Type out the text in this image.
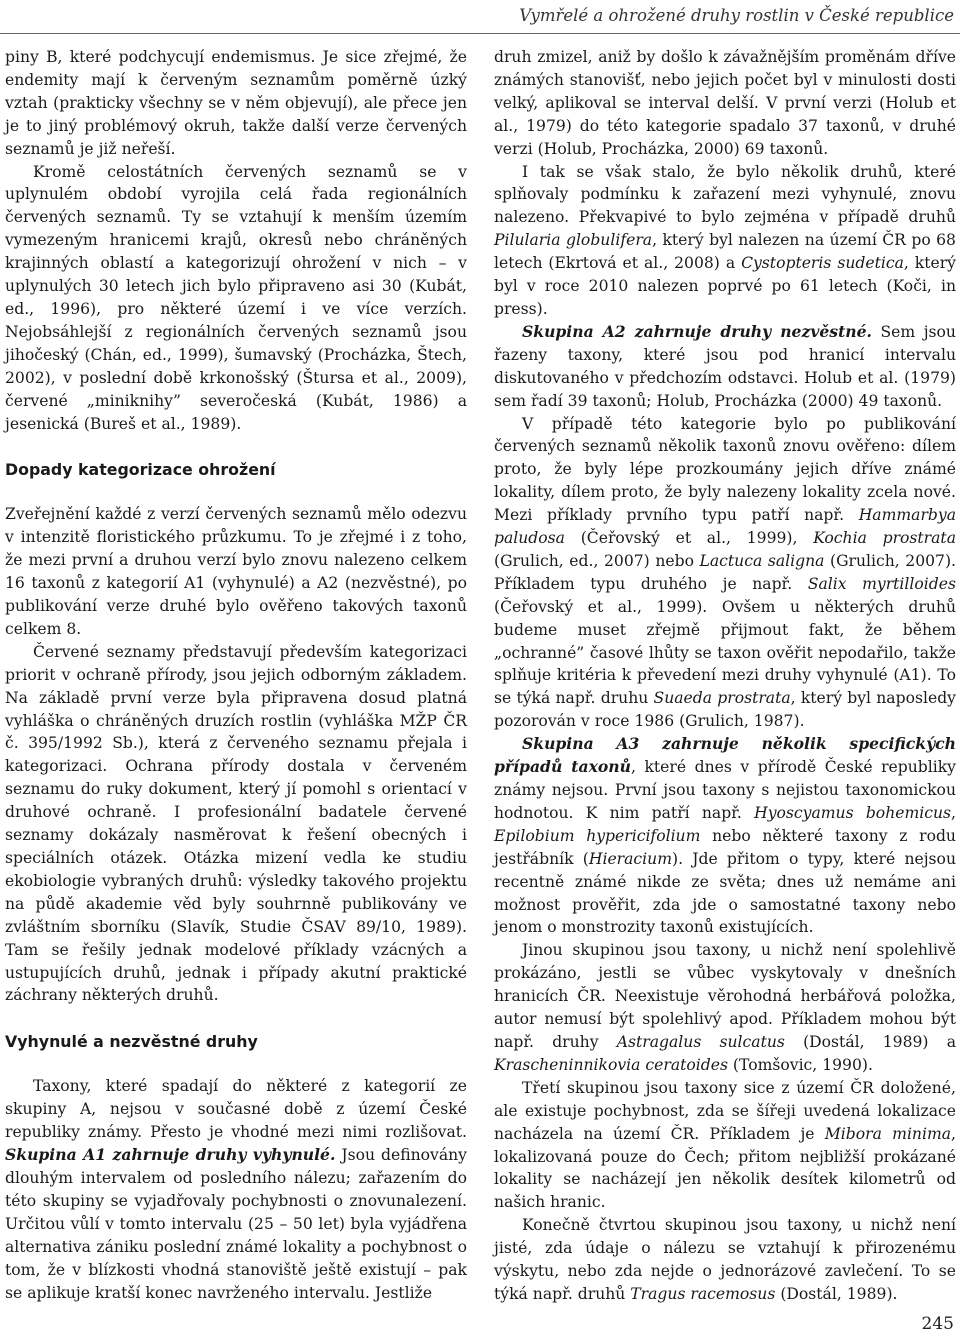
Vymřelé a ohrožené druhy rostlin v České republice

piny B, které podchycují endemismus. Je sice zřejmé, že endemity mají k červeným seznamům poměrně úzký vztah (prakticky všechny se v něm objevují), ale přece jen je to jiný problémový okruh, takže další verze červených seznamů je již neřeší.

Kromě celostátních červených seznamů se v uplynulém období vyrojila celá řada regionálních červených seznamů. Ty se vztahují k menším územím vymezeným hranicemi krajů, okresů nebo chráněných krajinných oblastí a kategorizují ohrožení v nich – v uplynulých 30 letech jich bylo připraveno asi 30 (Kubát, ed., 1996), pro některé území i ve více verzích. Nejobsáhlejší z regionálních červených seznamů jsou jihočeský (Chán, ed., 1999), šumavský (Procházka, Štech, 2002), v poslední době krkonošský (Štursa et al., 2009), červené „miniknihy” severočeská (Kubát, 1986) a jesenická (Bureš et al., 1989).

Dopady kategorizace ohrožení

Zveřejnění každé z verzí červených seznamů mělo odezvu v intenzitě floristického průzkumu. To je zřejmé i z toho, že mezi první a druhou verzí bylo znovu nalezeno celkem 16 taxonů z kategorií A1 (vyhynulé) a A2 (nezvěstné), po publikování verze druhé bylo ověřeno takových taxonů celkem 8.

Červené seznamy představují především kategorizaci priorit v ochraně přírody, jsou jejich odborným základem. Na základě první verze byla připravena dosud platná vyhláška o chráněných druzích rostlin (vyhláška MŽP ČR č. 395/1992 Sb.), která z červeného seznamu přejala i kategorizaci. Ochrana přírody dostala v červeném seznamu do ruky dokument, který jí pomohl s orientací v druhové ochraně. I profesionální badatele červené seznamy dokázaly nasměrovat k řešení obecných i speciálních otázek. Otázka mizení vedla ke studiu ekobiologie vybraných druhů: výsledky takového projektu na půdě akademie věd byly souhrnně publikovány ve zvláštním sborníku (Slavík, Studie ČSAV 89/10, 1989). Tam se řešily jednak modelové příklady vzácných a ustupujících druhů, jednak i případy akutní praktické záchrany některých druhů.

Vyhynulé a nezvěstné druhy

Taxony, které spadají do některé z kategorií ze skupiny A, nejsou v současné době z území České republiky známy. Přesto je vhodné mezi nimi rozlišovat. Skupina A1 zahrnuje druhy vyhynulé. Jsou definovány dlouhým intervalem od posledního nálezu; zařazením do této skupiny se vyjadřovaly pochybnosti o znovunalezení. Určitou vůlí v tomto intervalu (25 – 50 let) byla vyjádřena alternativa zániku poslední známé lokality a pochybnost o tom, že v blízkosti vhodná stanoviště ještě existují – pak se aplikuje kratší konec navrženého intervalu. Jestliže

druh zmizel, aniž by došlo k závažnějším proměnám dříve známých stanovišť, nebo jejich počet byl v minulosti dosti velký, aplikoval se interval delší. V první verzi (Holub et al., 1979) do této kategorie spadalo 37 taxonů, v druhé verzi (Holub, Procházka, 2000) 69 taxonů.

I tak se však stalo, že bylo několik druhů, které splňovaly podmínku k zařazení mezi vyhynulé, znovu nalezeno. Překvapivé to bylo zejména v případě druhů Pilularia globulifera, který byl nalezen na území ČR po 68 letech (Ekrtová et al., 2008) a Cystopteris sudetica, který byl v roce 2010 nalezen poprvé po 61 letech (Koči, in press).

Skupina A2 zahrnuje druhy nezvěstné. Sem jsou řazeny taxony, které jsou pod hranicí intervalu diskutovaného v předchozím odstavci. Holub et al. (1979) sem řadí 39 taxonů; Holub, Procházka (2000) 49 taxonů.

V případě této kategorie bylo po publikování červených seznamů několik taxonů znovu ověřeno: dílem proto, že byly lépe prozkoumány jejich dříve známé lokality, dílem proto, že byly nalezeny lokality zcela nové. Mezi příklady prvního typu patří např. Hammarbya paludosa (Čeřovský et al., 1999), Kochia prostrata (Grulich, ed., 2007) nebo Lactuca saligna (Grulich, 2007). Příkladem typu druhého je např. Salix myrtilloides (Čeřovský et al., 1999). Ovšem u některých druhů budeme muset zřejmě přijmout fakt, že během „ochranné” časové lhůty se taxon ověřit nepodařilo, takže splňuje kritéria k převedení mezi druhy vyhynulé (A1). To se týká např. druhu Suaeda prostrata, který byl naposledy pozorován v roce 1986 (Grulich, 1987).

Skupina A3 zahrnuje několik specifických případů taxonů, které dnes v přírodě České republiky známy nejsou. První jsou taxony s nejistou taxonomickou hodnotou. K nim patří např. Hyoscyamus bohemicus, Epilobium hypericifolium nebo některé taxony z rodu jestřábník (Hieracium). Jde přitom o typy, které nejsou recentně známé nikde ze světa; dnes už nemáme ani možnost prověřit, zda jde o samostatné taxony nebo jenom o monstrozity taxonů existujících.

Jinou skupinou jsou taxony, u nichž není spolehlivě prokázáno, jestli se vůbec vyskytovaly v dnešních hranicích ČR. Neexistuje věrohodná herbářová položka, autor nemusí být spolehlivý apod. Příkladem mohou být např. druhy Astragalus sulcatus (Dostál, 1989) a Krascheninnikovia ceratoides (Tomšovic, 1990).

Třetí skupinou jsou taxony sice z území ČR doložené, ale existuje pochybnost, zda se šířeji uvedená lokalizace nacházela na území ČR. Příkladem je Mibora minima, lokalizovaná pouze do Čech; přitom nejbližší prokázané lokality se nacházejí jen několik desítek kilometrů od našich hranic.

Konečně čtvrtou skupinou jsou taxony, u nichž není jisté, zda údaje o nálezu se vztahují k přirozenému výskytu, nebo zda nejde o jednorázové zavlečení. To se týká např. druhů Tragus racemosus (Dostál, 1989).

245
